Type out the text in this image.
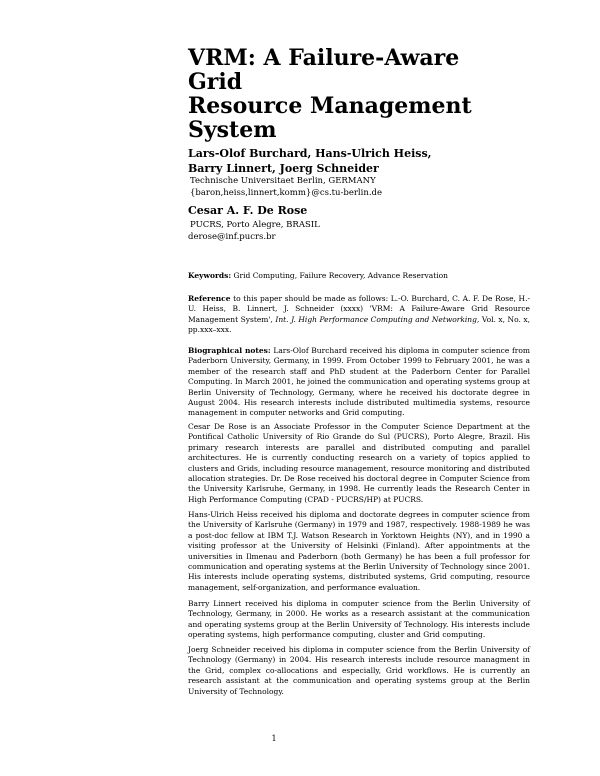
VRM: A Failure-Aware Grid
Resource Management
System
Lars-Olof Burchard, Hans-Ulrich Heiss,
Barry Linnert, Joerg Schneider
Technische Universitaet Berlin, GERMANY
{baron,heiss,linnert,komm}@cs.tu-berlin.de
Cesar A. F. De Rose
PUCRS, Porto Alegre, BRASIL
derose@inf.pucrs.br

Keywords: Grid Computing, Failure Recovery, Advance Reservation

Reference to this paper should be made as follows: L.-O. Burchard, C. A. F. De Rose, H.-U. Heiss, B. Linnert, J. Schneider (xxxx) 'VRM: A Failure-Aware Grid Resource Management System', Int. J. High Performance Computing and Networking, Vol. x, No. x, pp.xxx–xxx.

Biographical notes: Lars-Olof Burchard received his diploma in computer science from Paderborn University, Germany, in 1999. From October 1999 to February 2001, he was a member of the research staff and PhD student at the Paderborn Center for Parallel Computing. In March 2001, he joined the communication and operating systems group at Berlin University of Technology, Germany, where he received his doctorate degree in August 2004. His research interests include distributed multimedia systems, resource management in computer networks and Grid computing.

Cesar De Rose is an Associate Professor in the Computer Science Department at the Pontifical Catholic University of Rio Grande do Sul (PUCRS), Porto Alegre, Brazil. His primary research interests are parallel and distributed computing and parallel architectures. He is currently conducting research on a variety of topics applied to clusters and Grids, including resource management, resource monitoring and distributed allocation strategies. Dr. De Rose received his doctoral degree in Computer Science from the University Karlsruhe, Germany, in 1998. He currently leads the Research Center in High Performance Computing (CPAD - PUCRS/HP) at PUCRS.

Hans-Ulrich Heiss received his diploma and doctorate degrees in computer science from the University of Karlsruhe (Germany) in 1979 and 1987, respectively. 1988-1989 he was a post-doc fellow at IBM T.J. Watson Research in Yorktown Heights (NY), and in 1990 a visiting professor at the University of Helsinki (Finland). After appointments at the universities in Ilmenau and Paderborn (both Germany) he has been a full professor for communication and operating systems at the Berlin University of Technology since 2001. His interests include operating systems, distributed systems, Grid computing, resource management, self-organization, and performance evaluation.

Barry Linnert received his diploma in computer science from the Berlin University of Technology, Germany, in 2000. He works as a research assistant at the communication and operating systems group at the Berlin University of Technology. His interests include operating systems, high performance computing, cluster and Grid computing.

Joerg Schneider received his diploma in computer science from the Berlin University of Technology (Germany) in 2004. His research interests include resource managment in the Grid, complex co-allocations and especially, Grid workflows. He is currently an research assistant at the communication and operating systems group at the Berlin University of Technology.

1
